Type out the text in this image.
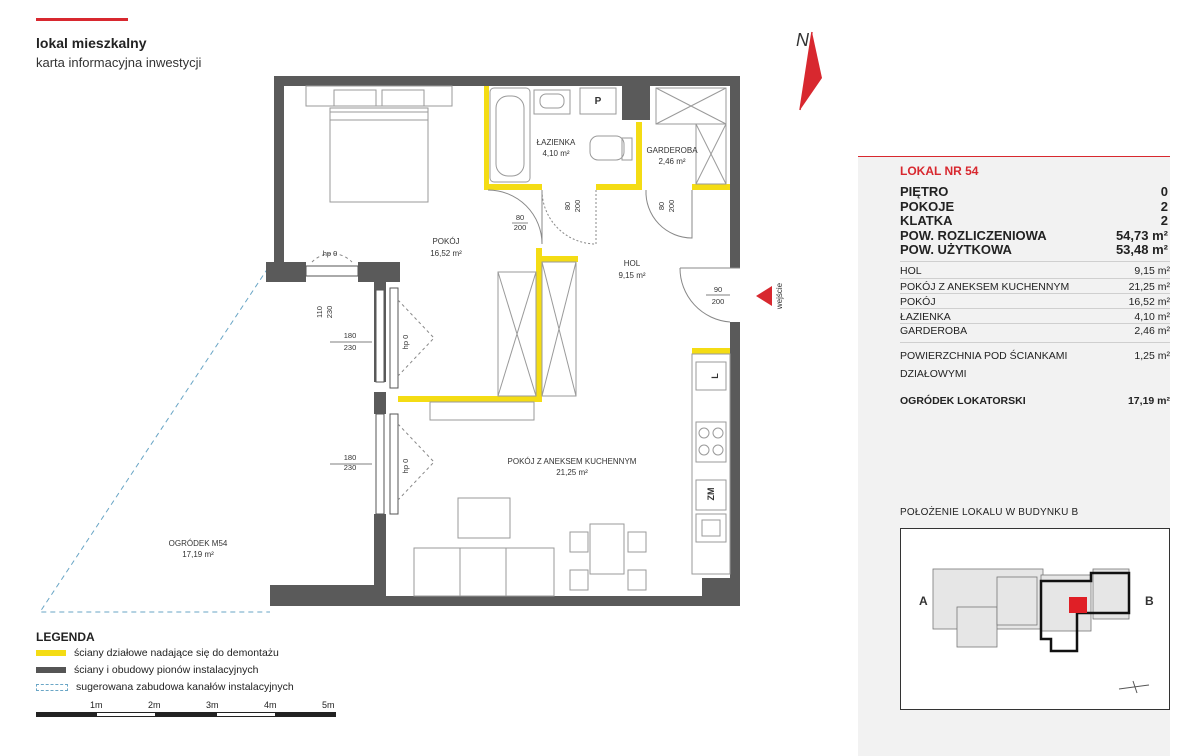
lokal mieszkalny
karta informacyjna inwestycji
80
200
80 200	80 200
90
200
hp 0
110 230
180
230	hp 0
180
230	hp 0
ŁAZIENKA
4,10 m²	GARDEROBA
2,46 m²
POKÓJ
16,52 m²
HOL
9,15 m²
POKÓJ Z ANEKSEM KUCHENNYM
21,25 m²
OGRÓDEK M54
17,19 m²
P
L
ZM
wejście
N
LOKAL NR 54
PIĘTRO	0
POKOJE	2
KLATKA	2
POW. ROZLICZENIOWA	54,73 m²
POW. UŻYTKOWA	53,48 m²
HOL	9,15 m²
POKÓJ Z ANEKSEM KUCHENNYM	21,25 m²
POKÓJ	16,52 m²
ŁAZIENKA	4,10 m²
GARDEROBA	2,46 m²
POWIERZCHNIA POD ŚCIANKAMI	1,25 m²
DZIAŁOWYMI
OGRÓDEK LOKATORSKI	17,19 m²
POŁOŻENIE LOKALU W BUDYNKU B
A	B
LEGENDA
ściany działowe nadające się do demontażu
ściany i obudowy pionów instalacyjnych
sugerowana zabudowa kanałów instalacyjnych
1m	2m	3m	4m	5m
